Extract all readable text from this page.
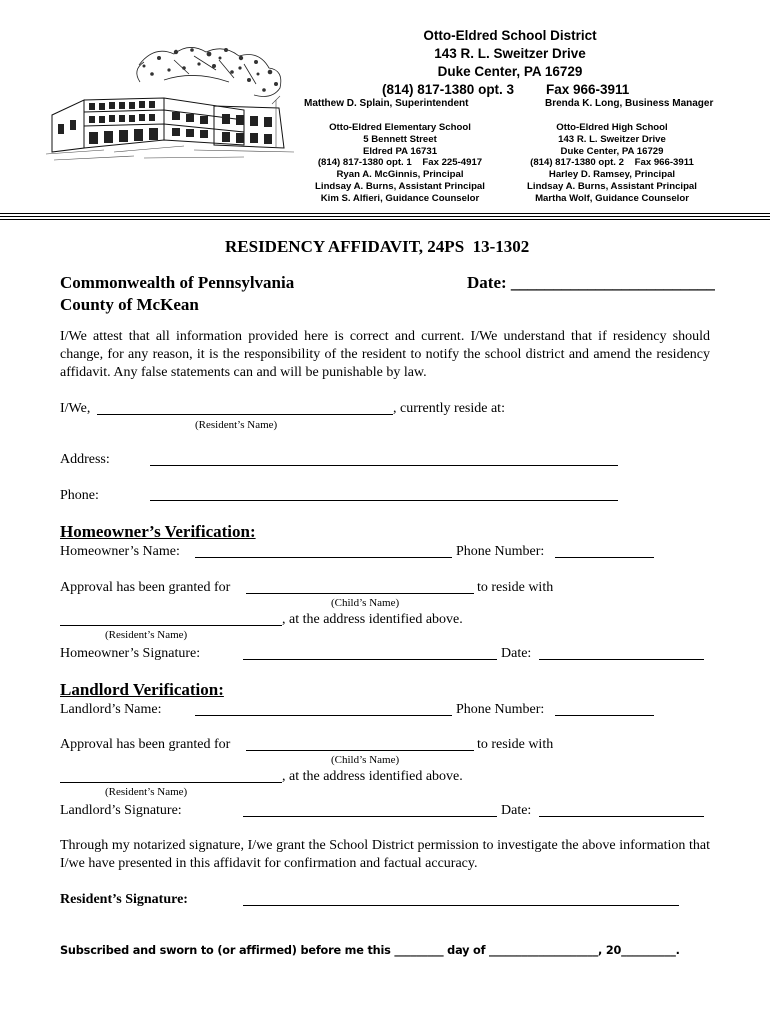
Otto-Eldred School District
143 R. L. Sweitzer Drive
Duke Center, PA 16729
(814) 817-1380 opt. 3 Fax 966-3911
Matthew D. Splain, Superintendent	Brenda K. Long, Business Manager
Otto-Eldred Elementary School
5 Bennett Street
Eldred PA 16731
(814) 817-1380 opt. 1    Fax 225-4917
Ryan A. McGinnis, Principal
Lindsay A. Burns, Assistant Principal
Kim S. Alfieri, Guidance Counselor
Otto-Eldred High School
143 R. L. Sweitzer Drive
Duke Center, PA 16729
(814) 817-1380 opt. 2    Fax 966-3911
Harley D. Ramsey, Principal
Lindsay A. Burns, Assistant Principal
Martha Wolf, Guidance Counselor
RESIDENCY AFFIDAVIT, 24PS  13-1302
Commonwealth of Pennsylvania
County of McKean
Date: ________________________
I/We attest that all information provided here is correct and current. I/We understand that if residency should change, for any reason, it is the responsibility of the resident to notify the school district and amend the residency affidavit. Any false statements can and will be punishable by law.
I/We,	, currently reside at:
(Resident’s Name)
Address:
Phone:
Homeowner’s Verification:
Homeowner’s Name:	Phone Number:
Approval has been granted for	to reside with
(Child’s Name)
, at the address identified above.
(Resident’s Name)
Homeowner’s Signature:	Date:
Landlord Verification:
Landlord’s Name:	Phone Number:
Approval has been granted for	to reside with
(Child’s Name)
, at the address identified above.
(Resident’s Name)
Landlord’s Signature:	Date:
Through my notarized signature, I/we grant the School District permission to investigate the above information that I/we have presented in this affidavit for confirmation and factual accuracy.
Resident’s Signature:
Subscribed and sworn to (or affirmed) before me this _________ day of ____________________, 20__________.
